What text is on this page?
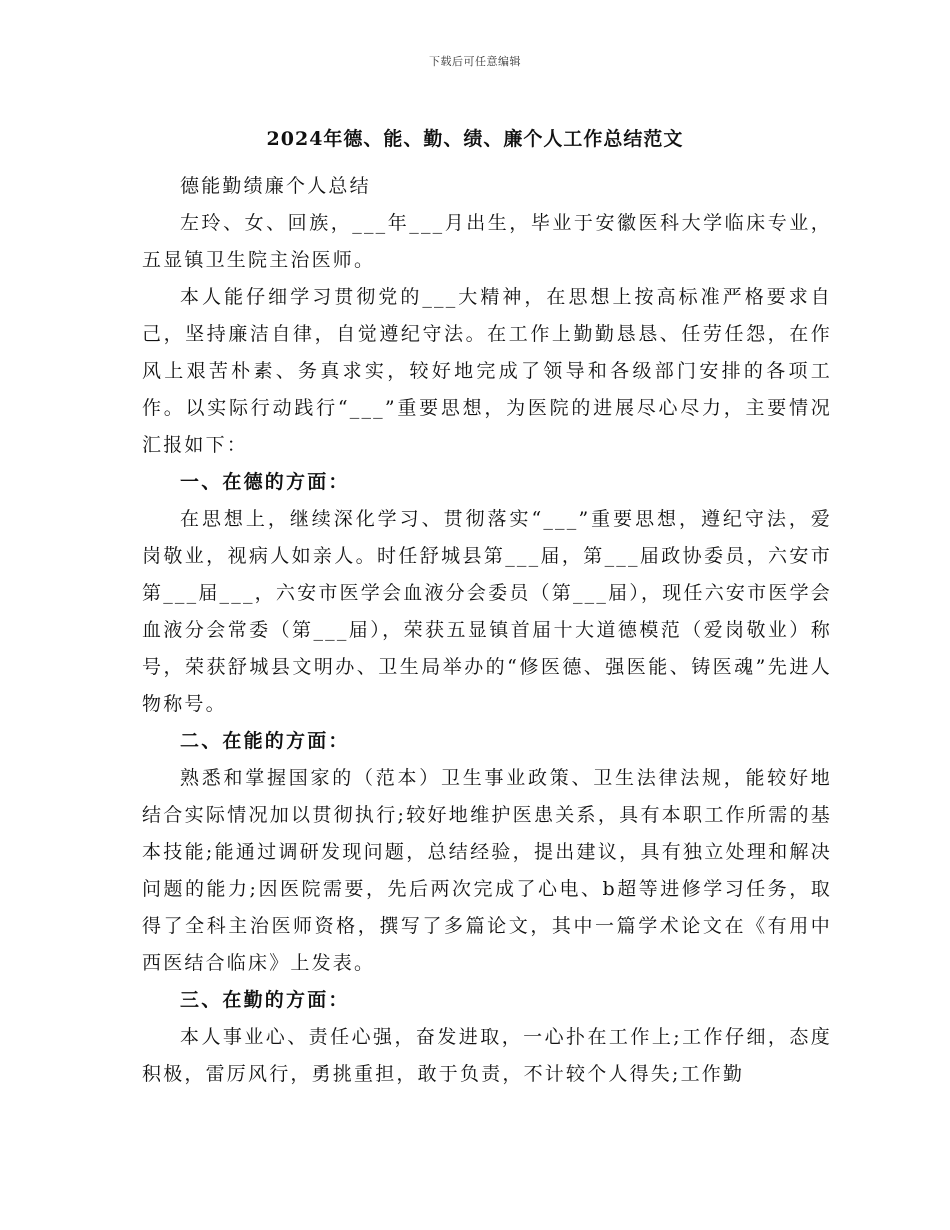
下载后可任意编辑
2024年德、能、勤、绩、廉个人工作总结范文

德能勤绩廉个人总结

左玲、女、回族，___年___月出生，毕业于安徽医科大学临床专业，五显镇卫生院主治医师。

本人能仔细学习贯彻党的___大精神，在思想上按高标准严格要求自己，坚持廉洁自律，自觉遵纪守法。在工作上勤勤恳恳、任劳任怨，在作风上艰苦朴素、务真求实，较好地完成了领导和各级部门安排的各项工作。以实际行动践行“___”重要思想，为医院的进展尽心尽力，主要情况汇报如下：

一、在德的方面：

在思想上，继续深化学习、贯彻落实“___”重要思想，遵纪守法，爱岗敬业，视病人如亲人。时任舒城县第___届，第___届政协委员，六安市第___届___，六安市医学会血液分会委员（第___届），现任六安市医学会血液分会常委（第___届），荣获五显镇首届十大道德模范（爱岗敬业）称号，荣获舒城县文明办、卫生局举办的“修医德、强医能、铸医魂”先进人物称号。

二、在能的方面：

熟悉和掌握国家的（范本）卫生事业政策、卫生法律法规，能较好地结合实际情况加以贯彻执行;较好地维护医患关系，具有本职工作所需的基本技能;能通过调研发现问题，总结经验，提出建议，具有独立处理和解决问题的能力;因医院需要，先后两次完成了心电、b超等进修学习任务，取得了全科主治医师资格，撰写了多篇论文，其中一篇学术论文在《有用中西医结合临床》上发表。

三、在勤的方面：

本人事业心、责任心强，奋发进取，一心扑在工作上;工作仔细，态度积极，雷厉风行，勇挑重担，敢于负责，不计较个人得失;工作勤
